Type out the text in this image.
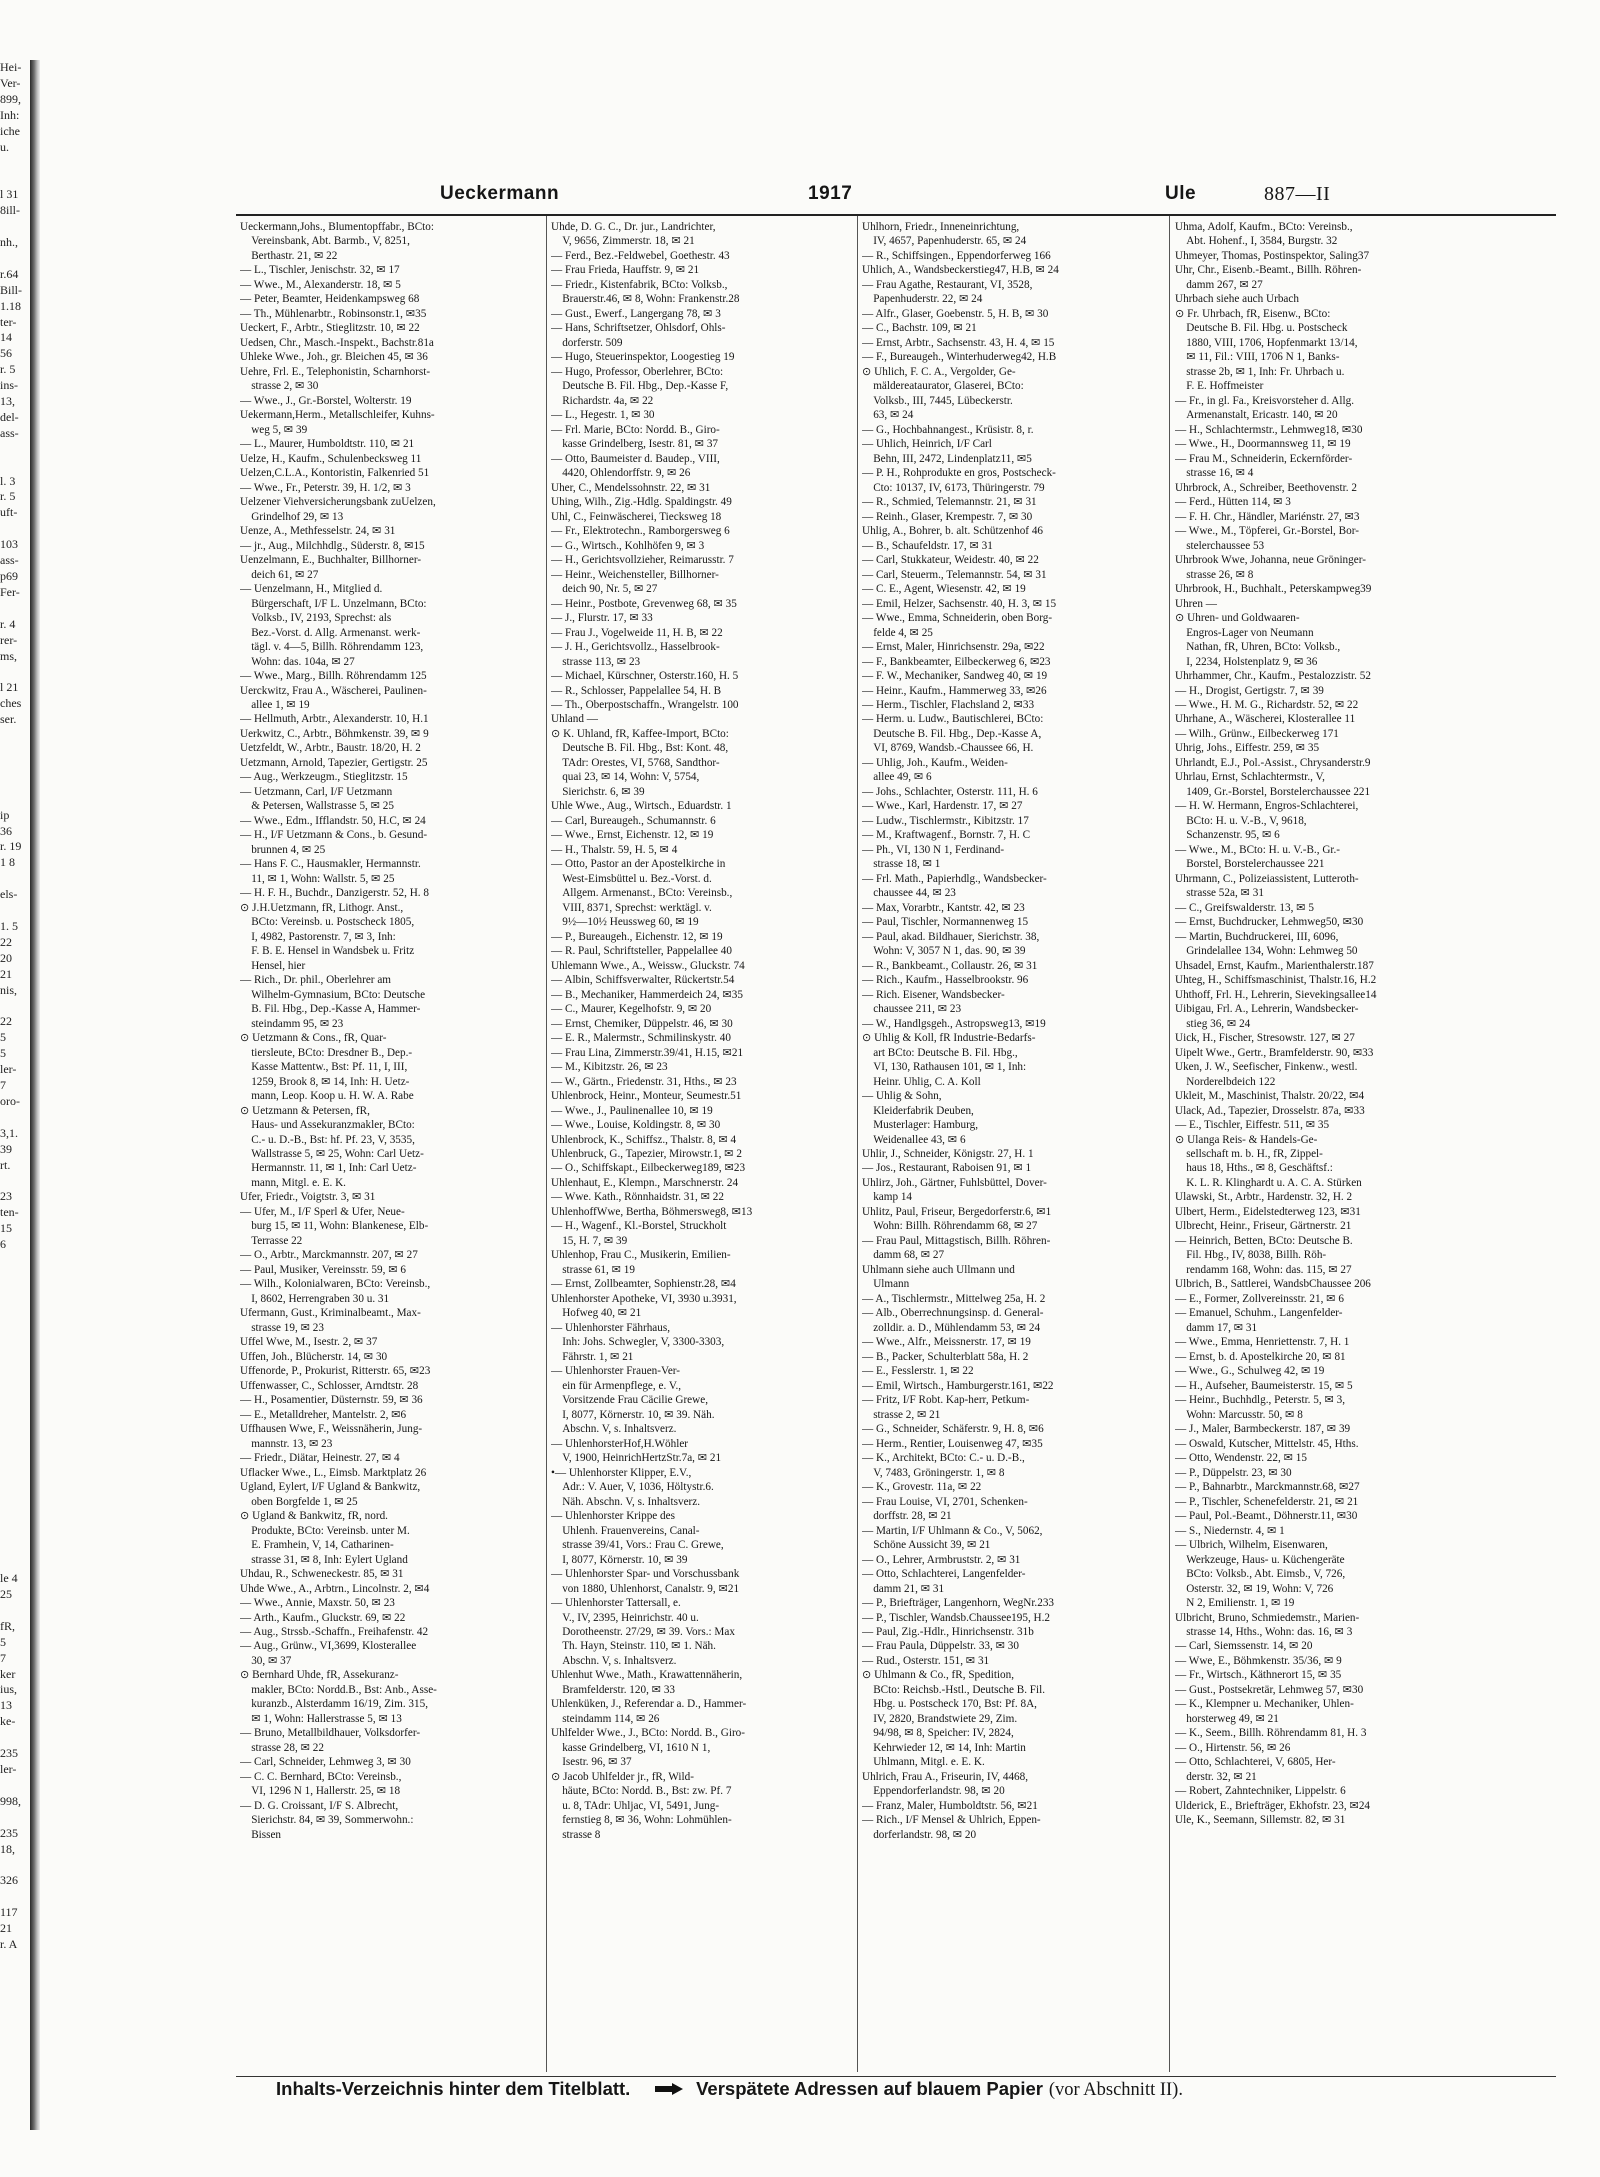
Hei-
Ver-
899,
Inh:
iche
u.

l 31
8ill-

nh.,

r.64
Bill-
1.18
ter-
14
56
r. 5
ins-
13,
del-
ass-

l. 3
r. 5
uft-

103
ass-
p69
Fer-

r. 4
rer-
ms,

l 21
ches
ser.

ip
36
r. 19
1 8

els-

1. 5
22
20
21
nis,

22
5
5
ler-
7
oro-

3,1.
39
rt.

23
ten-
15
6

le 4
25

fR,
5
7
ker
ius,
13
ke-

235
ler-

998,

235
18,

326

117
21
r. A
Ueckermann	1917	Ule	887—II
Ueckermann,Johs., Blumentopffabr., BCto:
 Vereinsbank, Abt. Barmb., V, 8251,
 Berthastr. 21, ✉ 22
— L., Tischler, Jenischstr. 32, ✉ 17
— Wwe., M., Alexanderstr. 18, ✉ 5
— Peter, Beamter, Heidenkampsweg 68
— Th., Mühlenarbtr., Robinsonstr.1, ✉35
Ueckert, F., Arbtr., Stieglitzstr. 10, ✉ 22
Uedsen, Chr., Masch.-Inspekt., Bachstr.81a
Uhleke Wwe., Joh., gr. Bleichen 45, ✉ 36
Uehre, Frl. E., Telephonistin, Scharnhorst-
 strasse 2, ✉ 30
— Wwe., J., Gr.-Borstel, Wolterstr. 19
Uekermann,Herm., Metallschleifer, Kuhns-
 weg 5, ✉ 39
— L., Maurer, Humboldtstr. 110, ✉ 21
Uelze, H., Kaufm., Schulenbecksweg 11
Uelzen,C.L.A., Kontoristin, Falkenried 51
— Wwe., Fr., Peterstr. 39, H. 1/2, ✉ 3
Uelzener Viehversicherungsbank zuUelzen,
 Grindelhof 29, ✉ 13
Uenze, A., Methfesselstr. 24, ✉ 31
— jr., Aug., Milchhdlg., Süderstr. 8, ✉15
Uenzelmann, E., Buchhalter, Billhorner-
 deich 61, ✉ 27
— Uenzelmann, H., Mitglied d.
 Bürgerschaft, I/F L. Unzelmann, BCto:
 Volksb., IV, 2193, Sprechst: als
 Bez.-Vorst. d. Allg. Armenanst. werk-
 tägl. v. 4—5, Billh. Röhrendamm 123,
 Wohn: das. 104a, ✉ 27
— Wwe., Marg., Billh. Röhrendamm 125
Uerckwitz, Frau A., Wäscherei, Paulinen-
 allee 1, ✉ 19
— Hellmuth, Arbtr., Alexanderstr. 10, H.1
Uerkwitz, C., Arbtr., Böhmkenstr. 39, ✉ 9
Uetzfeldt, W., Arbtr., Baustr. 18/20, H. 2
Uetzmann, Arnold, Tapezier, Gertigstr. 25
— Aug., Werkzeugm., Stieglitzstr. 15
— Uetzmann, Carl, I/F Uetzmann
 & Petersen, Wallstrasse 5, ✉ 25
— Wwe., Edm., Ifflandstr. 50, H.C, ✉ 24
— H., I/F Uetzmann & Cons., b. Gesund-
 brunnen 4, ✉ 25
— Hans F. C., Hausmakler, Hermannstr.
 11, ✉ 1, Wohn: Wallstr. 5, ✉ 25
— H. F. H., Buchdr., Danzigerstr. 52, H. 8
⊙ J.H.Uetzmann, fR, Lithogr. Anst.,
 BCto: Vereinsb. u. Postscheck 1805,
 I, 4982, Pastorenstr. 7, ✉ 3, Inh:
 F. B. E. Hensel in Wandsbek u. Fritz
 Hensel, hier
— Rich., Dr. phil., Oberlehrer am
 Wilhelm-Gymnasium, BCto: Deutsche
 B. Fil. Hbg., Dep.-Kasse A, Hammer-
 steindamm 95, ✉ 23
⊙ Uetzmann & Cons., fR, Quar-
 tiersleute, BCto: Dresdner B., Dep.-
 Kasse Mattentw., Bst: Pf. 11, I, III,
 1259, Brook 8, ✉ 14, Inh: H. Uetz-
 mann, Leop. Koop u. H. W. A. Rabe
⊙ Uetzmann & Petersen, fR,
 Haus- und Assekuranzmakler, BCto:
 C.- u. D.-B., Bst: hf. Pf. 23, V, 3535,
 Wallstrasse 5, ✉ 25, Wohn: Carl Uetz-
 Hermannstr. 11, ✉ 1, Inh: Carl Uetz-
 mann, Mitgl. e. E. K.
Ufer, Friedr., Voigtstr. 3, ✉ 31
— Ufer, M., I/F Sperl & Ufer, Neue-
 burg 15, ✉ 11, Wohn: Blankenese, Elb-
 Terrasse 22
— O., Arbtr., Marckmannstr. 207, ✉ 27
— Paul, Musiker, Vereinsstr. 59, ✉ 6
— Wilh., Kolonialwaren, BCto: Vereinsb.,
 I, 8602, Herrengraben 30 u. 31
Ufermann, Gust., Kriminalbeamt., Max-
 strasse 19, ✉ 23
Uffel Wwe, M., Isestr. 2, ✉ 37
Uffen, Joh., Blücherstr. 14, ✉ 30
Uffenorde, P., Prokurist, Ritterstr. 65, ✉23
Uffenwasser, C., Schlosser, Arndtstr. 28
— H., Posamentier, Düsternstr. 59, ✉ 36
— E., Metalldreher, Mantelstr. 2, ✉6
Uffhausen Wwe, F., Weissnäherin, Jung-
 mannstr. 13, ✉ 23
— Friedr., Diätar, Heinestr. 27, ✉ 4
Uflacker Wwe., L., Eimsb. Marktplatz 26
Ugland, Eylert, I/F Ugland & Bankwitz,
 oben Borgfelde 1, ✉ 25
⊙ Ugland & Bankwitz, fR, nord.
 Produkte, BCto: Vereinsb. unter M.
 E. Framhein, V, 14, Catharinen-
 strasse 31, ✉ 8, Inh: Eylert Ugland
Uhdau, R., Schweneckestr. 85, ✉ 31
Uhde Wwe., A., Arbtrn., Lincolnstr. 2, ✉4
— Wwe., Annie, Maxstr. 50, ✉ 23
— Arth., Kaufm., Gluckstr. 69, ✉ 22
— Aug., Strssb.-Schaffn., Freihafenstr. 42
— Aug., Grünw., VI,3699, Klosterallee
 30, ✉ 37
⊙ Bernhard Uhde, fR, Assekuranz-
 makler, BCto: Nordd.B., Bst: Anb., Asse-
 kuranzb., Alsterdamm 16/19, Zim. 315,
 ✉ 1, Wohn: Hallerstrasse 5, ✉ 13
— Bruno, Metallbildhauer, Volksdorfer-
 strasse 28, ✉ 22
— Carl, Schneider, Lehmweg 3, ✉ 30
— C. C. Bernhard, BCto: Vereinsb.,
 VI, 1296 N 1, Hallerstr. 25, ✉ 18
— D. G. Croissant, I/F S. Albrecht,
 Sierichstr. 84, ✉ 39, Sommerwohn.:
 Bissen
Uhde, D. G. C., Dr. jur., Landrichter,
 V, 9656, Zimmerstr. 18, ✉ 21
— Ferd., Bez.-Feldwebel, Goethestr. 43
— Frau Frieda, Hauffstr. 9, ✉ 21
— Friedr., Kistenfabrik, BCto: Volksb.,
 Brauerstr.46, ✉ 8, Wohn: Frankenstr.28
— Gust., Ewerf., Langergang 78, ✉ 3
— Hans, Schriftsetzer, Ohlsdorf, Ohls-
 dorferstr. 509
— Hugo, Steuerinspektor, Loogestieg 19
— Hugo, Professor, Oberlehrer, BCto:
 Deutsche B. Fil. Hbg., Dep.-Kasse F,
 Richardstr. 4a, ✉ 22
— L., Hegestr. 1, ✉ 30
— Frl. Marie, BCto: Nordd. B., Giro-
 kasse Grindelberg, Isestr. 81, ✉ 37
— Otto, Baumeister d. Baudep., VIII,
 4420, Ohlendorffstr. 9, ✉ 26
Uher, C., Mendelssohnstr. 22, ✉ 31
Uhing, Wilh., Zig.-Hdlg. Spaldingstr. 49
Uhl, C., Feinwäscherei, Tiecksweg 18
— Fr., Elektrotechn., Ramborgersweg 6
— G., Wirtsch., Kohlhöfen 9, ✉ 3
— H., Gerichtsvollzieher, Reimarusstr. 7
— Heinr., Weichensteller, Billhorner-
 deich 90, Nr. 5, ✉ 27
— Heinr., Postbote, Grevenweg 68, ✉ 35
— J., Flurstr. 17, ✉ 33
— Frau J., Vogelweide 11, H. B, ✉ 22
— J. H., Gerichtsvollz., Hasselbrook-
 strasse 113, ✉ 23
— Michael, Kürschner, Osterstr.160, H. 5
— R., Schlosser, Pappelallee 54, H. B
— Th., Oberpostschaffn., Wrangelstr. 100
Uhland —
⊙ K. Uhland, fR, Kaffee-Import, BCto:
 Deutsche B. Fil. Hbg., Bst: Kont. 48,
 TAdr: Orestes, VI, 5768, Sandthor-
 quai 23, ✉ 14, Wohn: V, 5754,
 Sierichstr. 6, ✉ 39
Uhle Wwe., Aug., Wirtsch., Eduardstr. 1
— Carl, Bureaugeh., Schumannstr. 6
— Wwe., Ernst, Eichenstr. 12, ✉ 19
— H., Thalstr. 59, H. 5, ✉ 4
— Otto, Pastor an der Apostelkirche in
 West-Eimsbüttel u. Bez.-Vorst. d.
 Allgem. Armenanst., BCto: Vereinsb.,
 VIII, 8371, Sprechst: werktägl. v.
 9½—10½ Heussweg 60, ✉ 19
— P., Bureaugeh., Eichenstr. 12, ✉ 19
— R. Paul, Schriftsteller, Pappelallee 40
Uhlemann Wwe., A., Weissw., Gluckstr. 74
— Albin, Schiffsverwalter, Rückertstr.54
— B., Mechaniker, Hammerdeich 24, ✉35
— C., Maurer, Kegelhofstr. 9, ✉ 20
— Ernst, Chemiker, Düppelstr. 46, ✉ 30
— E. R., Malermstr., Schmilinskystr. 40
— Frau Lina, Zimmerstr.39/41, H.15, ✉21
— M., Kibitzstr. 26, ✉ 23
— W., Gärtn., Friedenstr. 31, Hths., ✉ 23
Uhlenbrock, Heinr., Monteur, Seumestr.51
— Wwe., J., Paulinenallee 10, ✉ 19
— Wwe., Louise, Koldingstr. 8, ✉ 30
Uhlenbrock, K., Schiffsz., Thalstr. 8, ✉ 4
Uhlenbruck, G., Tapezier, Mirowstr.1, ✉ 2
— O., Schiffskapt., Eilbeckerweg189, ✉23
Uhlenhaut, E., Klempn., Marschnerstr. 24
— Wwe. Kath., Rönnhaidstr. 31, ✉ 22
UhlenhoffWwe, Bertha, Böhmersweg8, ✉13
— H., Wagenf., Kl.-Borstel, Struckholt
 15, H. 7, ✉ 39
Uhlenhop, Frau C., Musikerin, Emilien-
 strasse 61, ✉ 19
— Ernst, Zollbeamter, Sophienstr.28, ✉4
Uhlenhorster Apotheke, VI, 3930 u.3931,
 Hofweg 40, ✉ 21
— Uhlenhorster Fährhaus,
 Inh: Johs. Schwegler, V, 3300-3303,
 Fährstr. 1, ✉ 21
— Uhlenhorster Frauen-Ver-
 ein für Armenpflege, e. V.,
 Vorsitzende Frau Cäcilie Grewe,
 I, 8077, Körnerstr. 10, ✉ 39. Näh.
 Abschn. V, s. Inhaltsverz.
— UhlenhorsterHof,H.Wöhler
 V, 1900, HeinrichHertzStr.7a, ✉ 21
•— Uhlenhorster Klipper, E.V.,
 Adr.: V. Auer, V, 1036, Höltystr.6.
 Näh. Abschn. V, s. Inhaltsverz.
— Uhlenhorster Krippe des
 Uhlenh. Frauenvereins, Canal-
 strasse 39/41, Vors.: Frau C. Grewe,
 I, 8077, Körnerstr. 10, ✉ 39
— Uhlenhorster Spar- und Vorschussbank
 von 1880, Uhlenhorst, Canalstr. 9, ✉21
— Uhlenhorster Tattersall, e.
 V., IV, 2395, Heinrichstr. 40 u.
 Dorotheenstr. 27/29, ✉ 39. Vors.: Max
 Th. Hayn, Steinstr. 110, ✉ 1. Näh.
 Abschn. V, s. Inhaltsverz.
Uhlenhut Wwe., Math., Krawattennäherin,
 Bramfelderstr. 120, ✉ 33
Uhlenküken, J., Referendar a. D., Hammer-
 steindamm 114, ✉ 26
Uhlfelder Wwe., J., BCto: Nordd. B., Giro-
 kasse Grindelberg, VI, 1610 N 1,
 Isestr. 96, ✉ 37
⊙ Jacob Uhlfelder jr., fR, Wild-
 häute, BCto: Nordd. B., Bst: zw. Pf. 7
 u. 8, TAdr: Uhljac, VI, 5491, Jung-
 fernstieg 8, ✉ 36, Wohn: Lohmühlen-
 strasse 8
Uhlhorn, Friedr., Inneneinrichtung,
 IV, 4657, Papenhuderstr. 65, ✉ 24
— R., Schiffsingen., Eppendorferweg 166
Uhlich, A., Wandsbeckerstieg47, H.B, ✉ 24
— Frau Agathe, Restaurant, VI, 3528,
 Papenhuderstr. 22, ✉ 24
— Alfr., Glaser, Goebenstr. 5, H. B, ✉ 30
— C., Bachstr. 109, ✉ 21
— Ernst, Arbtr., Sachsenstr. 43, H. 4, ✉ 15
— F., Bureaugeh., Winterhuderweg42, H.B
⊙ Uhlich, F. C. A., Vergolder, Ge-
 mäldereataurator, Glaserei, BCto:
 Volksb., III, 7445, Lübeckerstr.
 63, ✉ 24
— G., Hochbahnangest., Krüsistr. 8, r.
— Uhlich, Heinrich, I/F Carl
 Behn, III, 2472, Lindenplatz11, ✉5
— P. H., Rohprodukte en gros, Postscheck-
 Cto: 10137, IV, 6173, Thüringerstr. 79
— R., Schmied, Telemannstr. 21, ✉ 31
— Reinh., Glaser, Krempestr. 7, ✉ 30
Uhlig, A., Bohrer, b. alt. Schützenhof 46
— B., Schaufeldstr. 17, ✉ 31
— Carl, Stukkateur, Weidestr. 40, ✉ 22
— Carl, Steuerm., Telemannstr. 54, ✉ 31
— C. E., Agent, Wiesenstr. 42, ✉ 19
— Emil, Helzer, Sachsenstr. 40, H. 3, ✉ 15
— Wwe., Emma, Schneiderin, oben Borg-
 felde 4, ✉ 25
— Ernst, Maler, Hinrichsenstr. 29a, ✉22
— F., Bankbeamter, Eilbeckerweg 6, ✉23
— F. W., Mechaniker, Sandweg 40, ✉ 19
— Heinr., Kaufm., Hammerweg 33, ✉26
— Herm., Tischler, Flachsland 2, ✉33
— Herm. u. Ludw., Bautischlerei, BCto:
 Deutsche B. Fil. Hbg., Dep.-Kasse A,
 VI, 8769, Wandsb.-Chaussee 66, H.
— Uhlig, Joh., Kaufm., Weiden-
 allee 49, ✉ 6
— Johs., Schlachter, Osterstr. 111, H. 6
— Wwe., Karl, Hardenstr. 17, ✉ 27
— Ludw., Tischlermstr., Kibitzstr. 17
— M., Kraftwagenf., Bornstr. 7, H. C
— Ph., VI, 130 N 1, Ferdinand-
 strasse 18, ✉ 1
— Frl. Math., Papierhdlg., Wandsbecker-
 chaussee 44, ✉ 23
— Max, Vorarbtr., Kantstr. 42, ✉ 23
— Paul, Tischler, Normannenweg 15
— Paul, akad. Bildhauer, Sierichstr. 38,
 Wohn: V, 3057 N 1, das. 90, ✉ 39
— R., Bankbeamt., Collaustr. 26, ✉ 31
— Rich., Kaufm., Hasselbrookstr. 96
— Rich. Eisener, Wandsbecker-
 chaussee 211, ✉ 23
— W., Handlgsgeh., Astropsweg13, ✉19
⊙ Uhlig & Koll, fR Industrie-Bedarfs-
 art BCto: Deutsche B. Fil. Hbg.,
 VI, 130, Rathausen 101, ✉ 1, Inh:
 Heinr. Uhlig, C. A. Koll
— Uhlig & Sohn,
 Kleiderfabrik Deuben,
 Musterlager: Hamburg,
 Weidenallee 43, ✉ 6
Uhlir, J., Schneider, Königstr. 27, H. 1
— Jos., Restaurant, Raboisen 91, ✉ 1
Uhlirz, Joh., Gärtner, Fuhlsbüttel, Dover-
 kamp 14
Uhlitz, Paul, Friseur, Bergedorferstr.6, ✉1
 Wohn: Billh. Röhrendamm 68, ✉ 27
— Frau Paul, Mittagstisch, Billh. Röhren-
 damm 68, ✉ 27
Uhlmann siehe auch Ullmann und
 Ulmann
— A., Tischlermstr., Mittelweg 25a, H. 2
— Alb., Oberrechnungsinsp. d. General-
 zolldir. a. D., Mühlendamm 53, ✉ 24
— Wwe., Alfr., Meissnerstr. 17, ✉ 19
— B., Packer, Schulterblatt 58a, H. 2
— E., Fesslerstr. 1, ✉ 22
— Emil, Wirtsch., Hamburgerstr.161, ✉22
— Fritz, I/F Robt. Kap-herr, Petkum-
 strasse 2, ✉ 21
— G., Schneider, Schäferstr. 9, H. 8, ✉6
— Herm., Rentier, Louisenweg 47, ✉35
— K., Architekt, BCto: C.- u. D.-B.,
 V, 7483, Gröningerstr. 1, ✉ 8
— K., Grovestr. 11a, ✉ 22
— Frau Louise, VI, 2701, Schenken-
 dorffstr. 28, ✉ 21
— Martin, I/F Uhlmann & Co., V, 5062,
 Schöne Aussicht 39, ✉ 21
— O., Lehrer, Armbruststr. 2, ✉ 31
— Otto, Schlachterei, Langenfelder-
 damm 21, ✉ 31
— P., Briefträger, Langenhorn, WegNr.233
— P., Tischler, Wandsb.Chaussee195, H.2
— Paul, Zig.-Hdlr., Hinrichsenstr. 31b
— Frau Paula, Düppelstr. 33, ✉ 30
— Rud., Osterstr. 151, ✉ 31
⊙ Uhlmann & Co., fR, Spedition,
 BCto: Reichsb.-Hstl., Deutsche B. Fil.
 Hbg. u. Postscheck 170, Bst: Pf. 8A,
 IV, 2820, Brandstwiete 29, Zim.
 94/98, ✉ 8, Speicher: IV, 2824,
 Kehrwieder 12, ✉ 14, Inh: Martin
 Uhlmann, Mitgl. e. E. K.
Uhlrich, Frau A., Friseurin, IV, 4468,
 Eppendorferlandstr. 98, ✉ 20
— Franz, Maler, Humboldtstr. 56, ✉21
— Rich., I/F Mensel & Uhlrich, Eppen-
 dorferlandstr. 98, ✉ 20
Uhma, Adolf, Kaufm., BCto: Vereinsb.,
 Abt. Hohenf., I, 3584, Burgstr. 32
Uhmeyer, Thomas, Postinspektor, Saling37
Uhr, Chr., Eisenb.-Beamt., Billh. Röhren-
 damm 267, ✉ 27
Uhrbach siehe auch Urbach
⊙ Fr. Uhrbach, fR, Eisenw., BCto:
 Deutsche B. Fil. Hbg. u. Postscheck
 1880, VIII, 1706, Hopfenmarkt 13/14,
 ✉ 11, Fil.: VIII, 1706 N 1, Banks-
 strasse 2b, ✉ 1, Inh: Fr. Uhrbach u.
 F. E. Hoffmeister
— Fr., in gl. Fa., Kreisvorsteher d. Allg.
 Armenanstalt, Ericastr. 140, ✉ 20
— H., Schlachtermstr., Lehmweg18, ✉30
— Wwe., H., Doormannsweg 11, ✉ 19
— Frau M., Schneiderin, Eckernförder-
 strasse 16, ✉ 4
Uhrbrock, A., Schreiber, Beethovenstr. 2
— Ferd., Hütten 114, ✉ 3
— F. H. Chr., Händler, Mariénstr. 27, ✉3
— Wwe., M., Töpferei, Gr.-Borstel, Bor-
 stelerchaussee 53
Uhrbrook Wwe, Johanna, neue Gröninger-
 strasse 26, ✉ 8
Uhrbrook, H., Buchhalt., Peterskampweg39
Uhren —
⊙ Uhren- und Goldwaaren-
 Engros-Lager von Neumann
 Nathan, fR, Uhren, BCto: Volksb.,
 I, 2234, Holstenplatz 9, ✉ 36
Uhrhammer, Chr., Kaufm., Pestalozzistr. 52
— H., Drogist, Gertigstr. 7, ✉ 39
— Wwe., H. M. G., Richardstr. 52, ✉ 22
Uhrhane, A., Wäscherei, Klosterallee 11
— Wilh., Grünw., Eilbeckerweg 171
Uhrig, Johs., Eiffestr. 259, ✉ 35
Uhrlandt, E.J., Pol.-Assist., Chrysanderstr.9
Uhrlau, Ernst, Schlachtermstr., V,
 1409, Gr.-Borstel, Borstelerchaussee 221
— H. W. Hermann, Engros-Schlachterei,
 BCto: H. u. V.-B., V, 9618,
 Schanzenstr. 95, ✉ 6
— Wwe., M., BCto: H. u. V.-B., Gr.-
 Borstel, Borstelerchaussee 221
Uhrmann, C., Polizeiassistent, Lutteroth-
 strasse 52a, ✉ 31
— C., Greifswalderstr. 13, ✉ 5
— Ernst, Buchdrucker, Lehmweg50, ✉30
— Martin, Buchdruckerei, III, 6096,
 Grindelallee 134, Wohn: Lehmweg 50
Uhsadel, Ernst, Kaufm., Marienthalerstr.187
Uhteg, H., Schiffsmaschinist, Thalstr.16, H.2
Uhthoff, Frl. H., Lehrerin, Sievekingsallee14
Uibigau, Frl. A., Lehrerin, Wandsbecker-
 stieg 36, ✉ 24
Uick, H., Fischer, Stresowstr. 127, ✉ 27
Uipelt Wwe., Gertr., Bramfelderstr. 90, ✉33
Uken, J. W., Seefischer, Finkenw., westl.
 Norderelbdeich 122
Ukleit, M., Maschinist, Thalstr. 20/22, ✉4
Ulack, Ad., Tapezier, Drosselstr. 87a, ✉33
— E., Tischler, Eiffestr. 511, ✉ 35
⊙ Ulanga Reis- & Handels-Ge-
 sellschaft m. b. H., fR, Zippel-
 haus 18, Hths., ✉ 8, Geschäftsf.:
 K. L. R. Klinghardt u. A. C. A. Stürken
Ulawski, St., Arbtr., Hardenstr. 32, H. 2
Ulbert, Herm., Eidelstedterweg 123, ✉31
Ulbrecht, Heinr., Friseur, Gärtnerstr. 21
— Heinrich, Betten, BCto: Deutsche B.
 Fil. Hbg., IV, 8038, Billh. Röh-
 rendamm 168, Wohn: das. 115, ✉ 27
Ulbrich, B., Sattlerei, WandsbChaussee 206
— E., Former, Zollvereinsstr. 21, ✉ 6
— Emanuel, Schuhm., Langenfelder-
 damm 17, ✉ 31
— Wwe., Emma, Henriettenstr. 7, H. 1
— Ernst, b. d. Apostelkirche 20, ✉ 81
— Wwe., G., Schulweg 42, ✉ 19
— H., Aufseher, Baumeisterstr. 15, ✉ 5
— Heinr., Buchhdlg., Peterstr. 5, ✉ 3,
 Wohn: Marcusstr. 50, ✉ 8
— J., Maler, Barmbeckerstr. 187, ✉ 39
— Oswald, Kutscher, Mittelstr. 45, Hths.
— Otto, Wendenstr. 22, ✉ 15
— P., Düppelstr. 23, ✉ 30
— P., Bahnarbtr., Marckmannstr.68, ✉27
— P., Tischler, Schenefelderstr. 21, ✉ 21
— Paul, Pol.-Beamt., Döhnerstr.11, ✉30
— S., Niedernstr. 4, ✉ 1
— Ulbrich, Wilhelm, Eisenwaren,
 Werkzeuge, Haus- u. Küchengeräte
 BCto: Volksb., Abt. Eimsb., V, 726,
 Osterstr. 32, ✉ 19, Wohn: V, 726
 N 2, Emilienstr. 1, ✉ 19
Ulbricht, Bruno, Schmiedemstr., Marien-
 strasse 14, Hths., Wohn: das. 16, ✉ 3
— Carl, Siemssenstr. 14, ✉ 20
— Wwe, E., Böhmkenstr. 35/36, ✉ 9
— Fr., Wirtsch., Käthnerort 15, ✉ 35
— Gust., Postsekretär, Lehmweg 57, ✉30
— K., Klempner u. Mechaniker, Uhlen-
 horsterweg 49, ✉ 21
— K., Seem., Billh. Röhrendamm 81, H. 3
— O., Hirtenstr. 56, ✉ 26
— Otto, Schlachterei, V, 6805, Her-
 derstr. 32, ✉ 21
— Robert, Zahntechniker, Lippelstr. 6
Ulderick, E., Briefträger, Ekhofstr. 23, ✉24
Ule, K., Seemann, Sillemstr. 82, ✉ 31
Inhalts-Verzeichnis hinter dem Titelblatt.	Verspätete Adressen auf blauem Papier (vor Abschnitt II).
